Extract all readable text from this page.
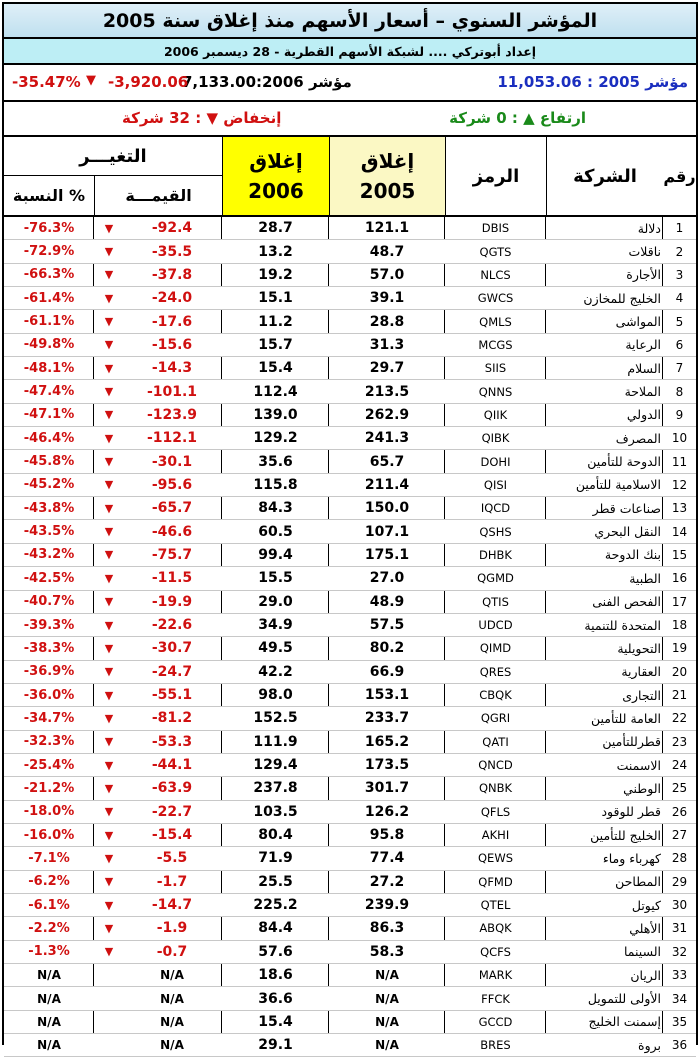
المؤشر السنوي – أسعار الأسهم منذ إغلاق سنة 2005
إعداد أبوتركي .... لشبكة الأسهم القطرية - 28 ديسمبر 2006
مؤشر 2005 : 11,053.06
مؤشر 2006:
7,133.00
-3,920.06
▼
-35.47%
ارتفاع ▲ : 0 شركة
إنخفاض ▼ : 32 شركة
رقم
الشركة
الرمز
إغلاق 2005
إغلاق 2006
التغيـــر
القيمـــة
النسبة %
1
دلالة
DBIS
121.1
28.7
-92.4
▼
-76.3%
2
ناقلات
QGTS
48.7
13.2
-35.5
▼
-72.9%
3
الأجارة
NLCS
57.0
19.2
-37.8
▼
-66.3%
4
الخليج للمخازن
GWCS
39.1
15.1
-24.0
▼
-61.4%
5
المواشى
QMLS
28.8
11.2
-17.6
▼
-61.1%
6
الرعاية
MCGS
31.3
15.7
-15.6
▼
-49.8%
7
السلام
SIIS
29.7
15.4
-14.3
▼
-48.1%
8
الملاحة
QNNS
213.5
112.4
-101.1
▼
-47.4%
9
الدولي
QIIK
262.9
139.0
-123.9
▼
-47.1%
10
المصرف
QIBK
241.3
129.2
-112.1
▼
-46.4%
11
الدوحة للتأمين
DOHI
65.7
35.6
-30.1
▼
-45.8%
12
الاسلامية للتأمين
QISI
211.4
115.8
-95.6
▼
-45.2%
13
صناعات قطر
IQCD
150.0
84.3
-65.7
▼
-43.8%
14
النقل البحري
QSHS
107.1
60.5
-46.6
▼
-43.5%
15
بنك الدوحة
DHBK
175.1
99.4
-75.7
▼
-43.2%
16
الطبية
QGMD
27.0
15.5
-11.5
▼
-42.5%
17
الفحص الفنى
QTIS
48.9
29.0
-19.9
▼
-40.7%
18
المتحدة للتنمية
UDCD
57.5
34.9
-22.6
▼
-39.3%
19
التحويلية
QIMD
80.2
49.5
-30.7
▼
-38.3%
20
العقارية
QRES
66.9
42.2
-24.7
▼
-36.9%
21
التجارى
CBQK
153.1
98.0
-55.1
▼
-36.0%
22
العامة للتأمين
QGRI
233.7
152.5
-81.2
▼
-34.7%
23
قطرللتأمين
QATI
165.2
111.9
-53.3
▼
-32.3%
24
الاسمنت
QNCD
173.5
129.4
-44.1
▼
-25.4%
25
الوطني
QNBK
301.7
237.8
-63.9
▼
-21.2%
26
قطر للوقود
QFLS
126.2
103.5
-22.7
▼
-18.0%
27
الخليج للتأمين
AKHI
95.8
80.4
-15.4
▼
-16.0%
28
كهرباء وماء
QEWS
77.4
71.9
-5.5
▼
-7.1%
29
المطاحن
QFMD
27.2
25.5
-1.7
▼
-6.2%
30
كيوتل
QTEL
239.9
225.2
-14.7
▼
-6.1%
31
الأهلي
ABQK
86.3
84.4
-1.9
▼
-2.2%
32
السينما
QCFS
58.3
57.6
-0.7
▼
-1.3%
33
الريان
MARK
N/A
18.6
N/A
N/A
34
الأولى للتمويل
FFCK
N/A
36.6
N/A
N/A
35
إسمنت الخليج
GCCD
N/A
15.4
N/A
N/A
36
بروة
BRES
N/A
29.1
N/A
N/A
